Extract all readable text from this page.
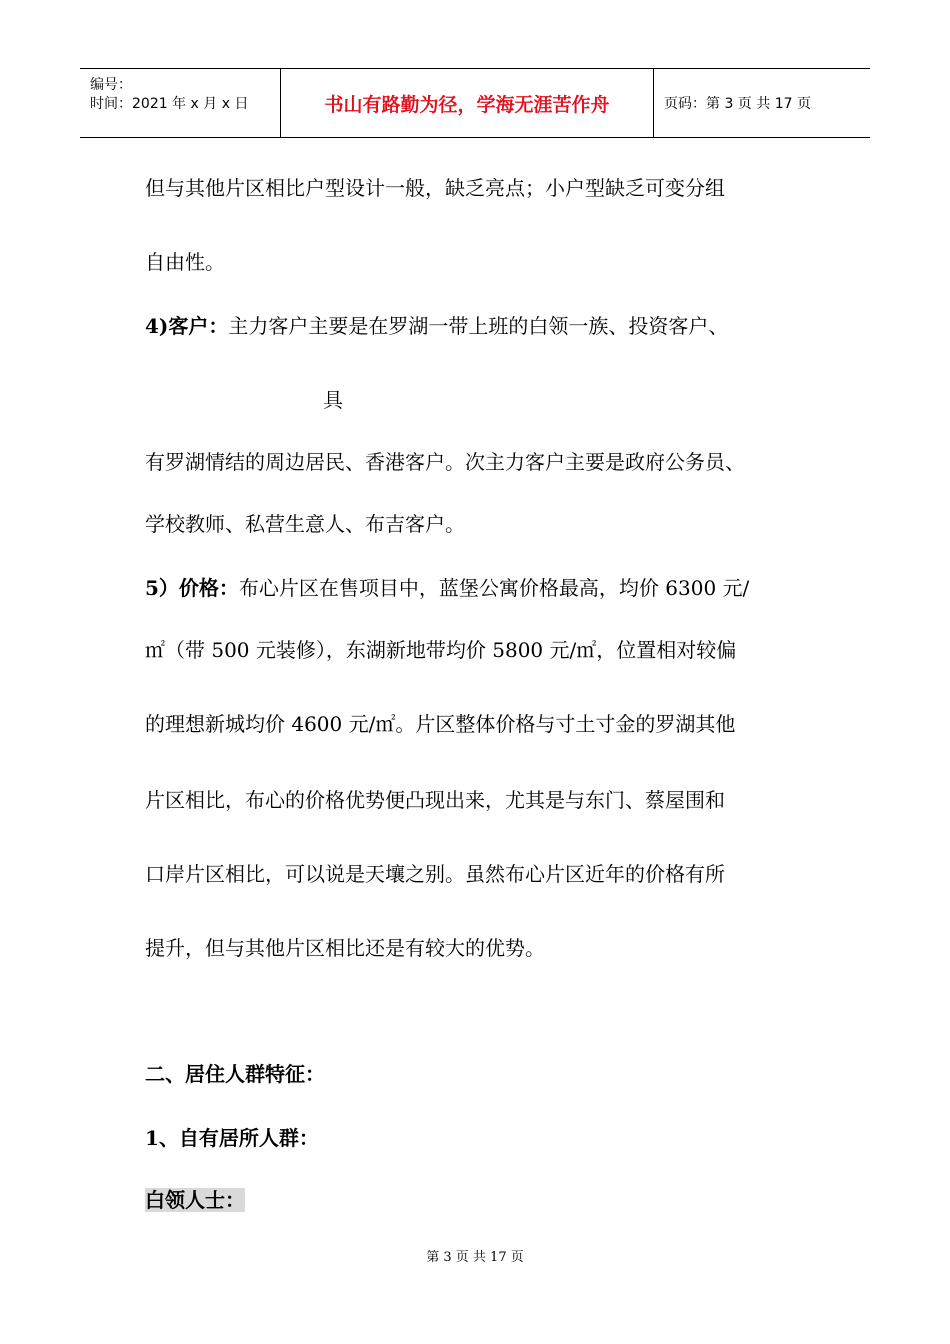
编号：
时间：2021 年 x 月 x 日	书山有路勤为径，学海无涯苦作舟	页码：第 3 页 共 17 页
但与其他片区相比户型设计一般，缺乏亮点；小户型缺乏可变分组
自由性。
4)客户：主力客户主要是在罗湖一带上班的白领一族、投资客户、
具
有罗湖情结的周边居民、香港客户。次主力客户主要是政府公务员、
学校教师、私营生意人、布吉客户。
5）价格：布心片区在售项目中，蓝堡公寓价格最高，均价 6300 元/
㎡（带 500 元装修），东湖新地带均价 5800 元/㎡，位置相对较偏
的理想新城均价 4600 元/㎡。片区整体价格与寸土寸金的罗湖其他
片区相比，布心的价格优势便凸现出来，尤其是与东门、蔡屋围和
口岸片区相比，可以说是天壤之别。虽然布心片区近年的价格有所
提升，但与其他片区相比还是有较大的优势。
二、居住人群特征：
1、自有居所人群：
白领人士：
第 3 页 共 17 页
